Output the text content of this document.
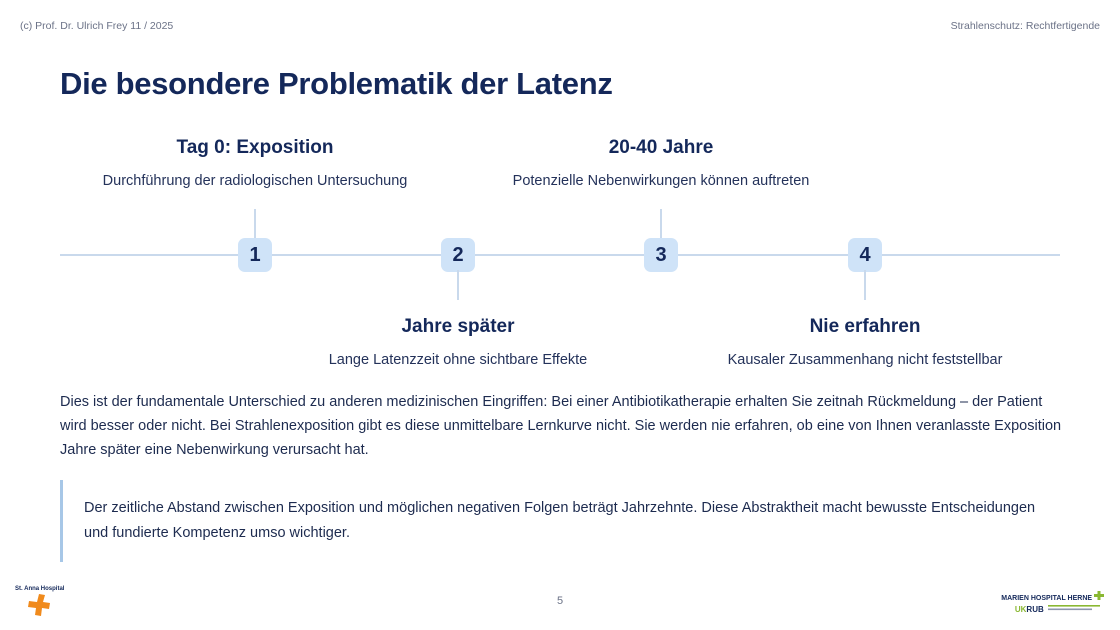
(c) Prof. Dr. Ulrich Frey 11 / 2025	Strahlenschutz: Rechtfertigende
Die besondere Problematik der Latenz
Tag 0: Exposition
Durchführung der radiologischen Untersuchung
1	2
Jahre später
Lange Latenzzeit ohne sichtbare Effekte
20-40 Jahre
Potenzielle Nebenwirkungen können auftreten
3	4
Nie erfahren
Kausaler Zusammenhang nicht feststellbar

Dies ist der fundamentale Unterschied zu anderen medizinischen Eingriffen: Bei einer Antibiotikatherapie erhalten Sie zeitnah Rückmeldung – der Patient wird besser oder nicht. Bei Strahlenexposition gibt es diese unmittelbare Lernkurve nicht. Sie werden nie erfahren, ob eine von Ihnen veranlasste Exposition Jahre später eine Nebenwirkung verursacht hat.

Der zeitliche Abstand zwischen Exposition und möglichen negativen Folgen beträgt Jahrzehnte. Diese Abstraktheit macht bewusste Entscheidungen und fundierte Kompetenz umso wichtiger.

5
St. Anna Hospital
MARIEN HOSPITAL HERNE
UKRUB
